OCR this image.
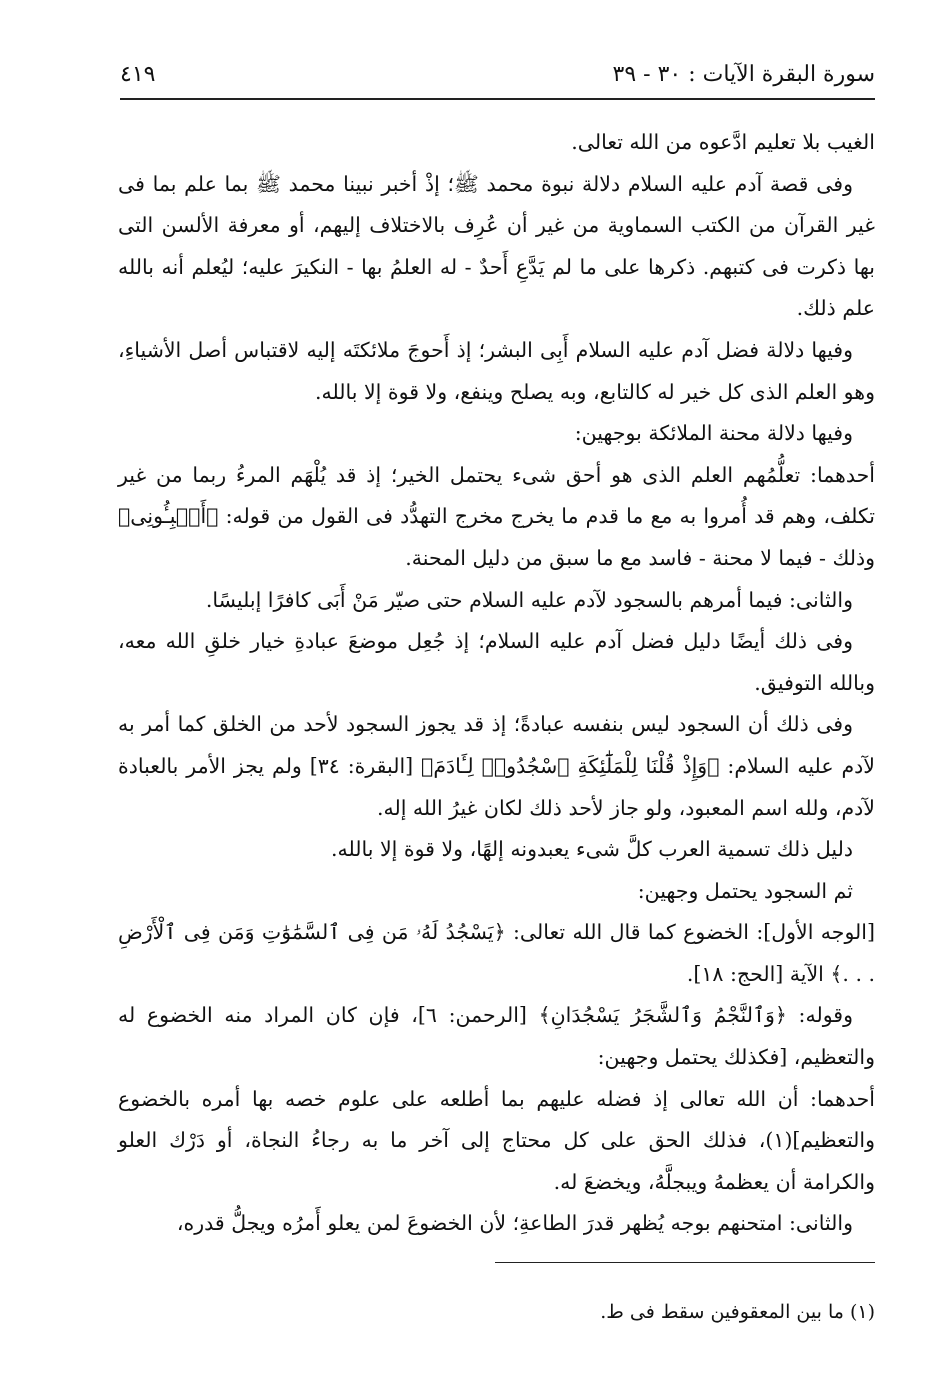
سورة البقرة الآيات : ٣٠ - ٣٩
٤١٩

الغيب بلا تعليم ادَّعوه من الله تعالى.

وفى قصة آدم عليه السلام دلالة نبوة محمد ﷺ؛ إذْ أخبر نبينا محمد ﷺ بما علم بما فى غير القرآن من الكتب السماوية من غير أن عُرِف بالاختلاف إليهم، أو معرفة الألسن التى بها ذكرت فى كتبهم. ذكرها على ما لم يَدَّعِ أَحدٌ - له العلمُ بها - النكيرَ عليه؛ ليُعلم أنه بالله علم ذلك.

وفيها دلالة فضل آدم عليه السلام أَبِى البشر؛ إذ أَحوجَ ملائكتَه إليه لاقتباس أصل الأشياءِ، وهو العلم الذى كل خير له كالتابع، وبه يصلح وينفع، ولا قوة إلا بالله.

وفيها دلالة محنة الملائكة بوجهين:

أحدهما: تعلُّمُهم العلم الذى هو أحق شىء يحتمل الخير؛ إذ قد يُلْهَم المرءُ ربما من غير تكلف، وهم قد أُمروا به مع ما قدم ما يخرج مخرج التهدُّد فى القول من قوله: ﴿أَنۢبِـُٔونِى﴾ وذلك - فيما لا محنة - فاسد مع ما سبق من دليل المحنة.

والثانى: فيما أمرهم بالسجود لآدم عليه السلام حتى صيّر مَنْ أَبَى كافرًا إبليسًا.

وفى ذلك أيضًا دليل فضل آدم عليه السلام؛ إذ جُعِل موضعَ عبادةِ خيار خلقِ الله معه، وبالله التوفيق.

وفى ذلك أن السجود ليس بنفسه عبادةً؛ إذ قد يجوز السجود لأحد من الخلق كما أمر به لآدم عليه السلام: ﴿وَإِذْ قُلْنَا لِلْمَلَٰٓئِكَةِ ٱسْجُدُوا۟ لِـَٔادَمَ﴾ [البقرة: ٣٤] ولم يجز الأمر بالعبادة لآدم، ولله اسم المعبود، ولو جاز لأحد ذلك لكان غيرُ الله إله.

دليل ذلك تسمية العرب كلَّ شىء يعبدونه إلهًا، ولا قوة إلا بالله.

ثم السجود يحتمل وجهين:

[الوجه الأول]: الخضوع كما قال الله تعالى: ﴿يَسْجُدُ لَهُۥ مَن فِى ٱلسَّمَٰوَٰتِ وَمَن فِى ٱلْأَرْضِ . . .﴾ الآية [الحج: ١٨].

وقوله: ﴿وَٱلنَّجْمُ وَٱلشَّجَرُ يَسْجُدَانِ﴾ [الرحمن: ٦]، فإن كان المراد منه الخضوع له والتعظيم، [فكذلك يحتمل وجهين:

أحدهما: أن الله تعالى إذ فضله عليهم بما أطلعه على علوم خصه بها أمره بالخضوع والتعظيم](١)، فذلك الحق على كل محتاج إلى آخر ما به رجاءُ النجاة، أو دَرْك العلو والكرامة أن يعظمهُ ويبجلَّهُ، ويخضعَ له.

والثانى: امتحنهم بوجه يُظهر قدرَ الطاعةِ؛ لأن الخضوعَ لمن يعلو أَمرُه ويجلُّ قدره،

(١) ما بين المعقوفين سقط فى ط.
